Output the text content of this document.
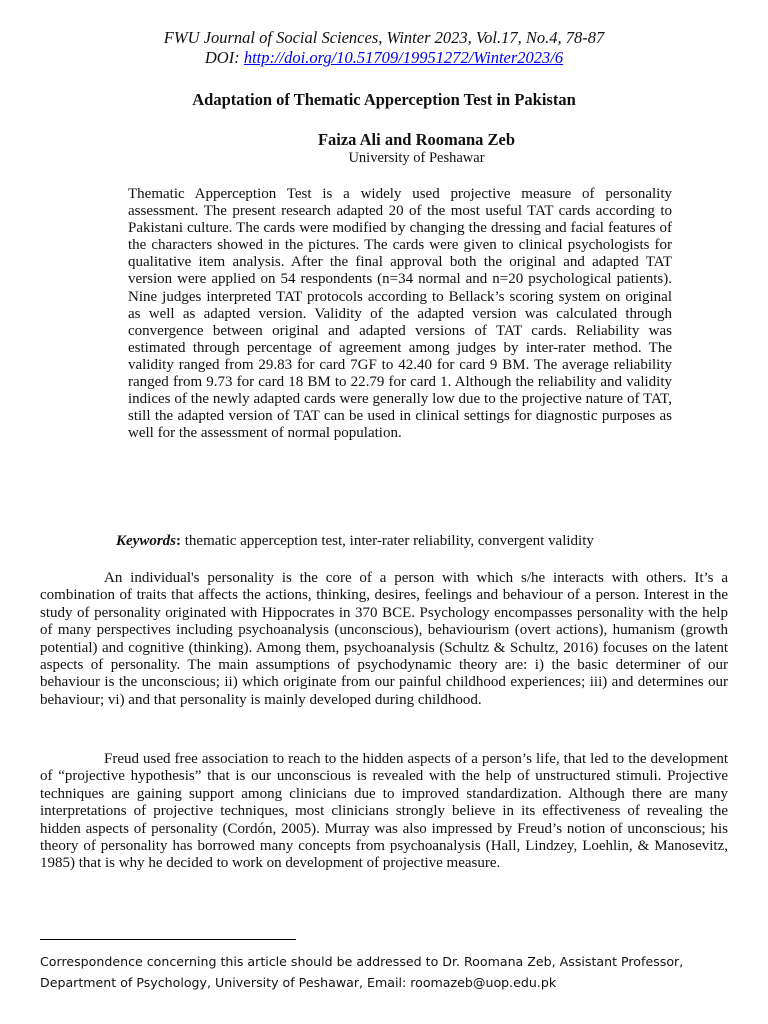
FWU Journal of Social Sciences, Winter 2023, Vol.17, No.4, 78-87
DOI: http://doi.org/10.51709/19951272/Winter2023/6
Adaptation of Thematic Apperception Test in Pakistan
Faiza Ali and Roomana Zeb
University of Peshawar

Thematic Apperception Test is a widely used projective measure of personality assessment. The present research adapted 20 of the most useful TAT cards according to Pakistani culture. The cards were modified by changing the dressing and facial features of the characters showed in the pictures. The cards were given to clinical psychologists for qualitative item analysis. After the final approval both the original and adapted TAT version were applied on 54 respondents (n=34 normal and n=20 psychological patients). Nine judges interpreted TAT protocols according to Bellack’s scoring system on original as well as adapted version. Validity of the adapted version was calculated through convergence between original and adapted versions of TAT cards. Reliability was estimated through percentage of agreement among judges by inter-rater method. The validity ranged from 29.83 for card 7GF to 42.40 for card 9 BM. The average reliability ranged from 9.73 for card 18 BM to 22.79 for card 1. Although the reliability and validity indices of the newly adapted cards were generally low due to the projective nature of TAT, still the adapted version of TAT can be used in clinical settings for diagnostic purposes as well for the assessment of normal population.

Keywords: thematic apperception test, inter-rater reliability, convergent validity

An individual's personality is the core of a person with which s/he interacts with others. It’s a combination of traits that affects the actions, thinking, desires, feelings and behaviour of a person. Interest in the study of personality originated with Hippocrates in 370 BCE. Psychology encompasses personality with the help of many perspectives including psychoanalysis (unconscious), behaviourism (overt actions), humanism (growth potential) and cognitive (thinking). Among them, psychoanalysis (Schultz & Schultz, 2016) focuses on the latent aspects of personality. The main assumptions of psychodynamic theory are: i) the basic determiner of our behaviour is the unconscious; ii) which originate from our painful childhood experiences; iii) and determines our behaviour; vi) and that personality is mainly developed during childhood.

Freud used free association to reach to the hidden aspects of a person’s life, that led to the development of “projective hypothesis” that is our unconscious is revealed with the help of unstructured stimuli. Projective techniques are gaining support among clinicians due to improved standardization. Although there are many interpretations of projective techniques, most clinicians strongly believe in its effectiveness of revealing the hidden aspects of personality (Cordón, 2005). Murray was also impressed by Freud’s notion of unconscious; his theory of personality has borrowed many concepts from psychoanalysis (Hall, Lindzey, Loehlin, & Manosevitz, 1985) that is why he decided to work on development of projective measure.

Correspondence concerning this article should be addressed to Dr. Roomana Zeb, Assistant Professor, Department of Psychology, University of Peshawar, Email: roomazeb@uop.edu.pk
